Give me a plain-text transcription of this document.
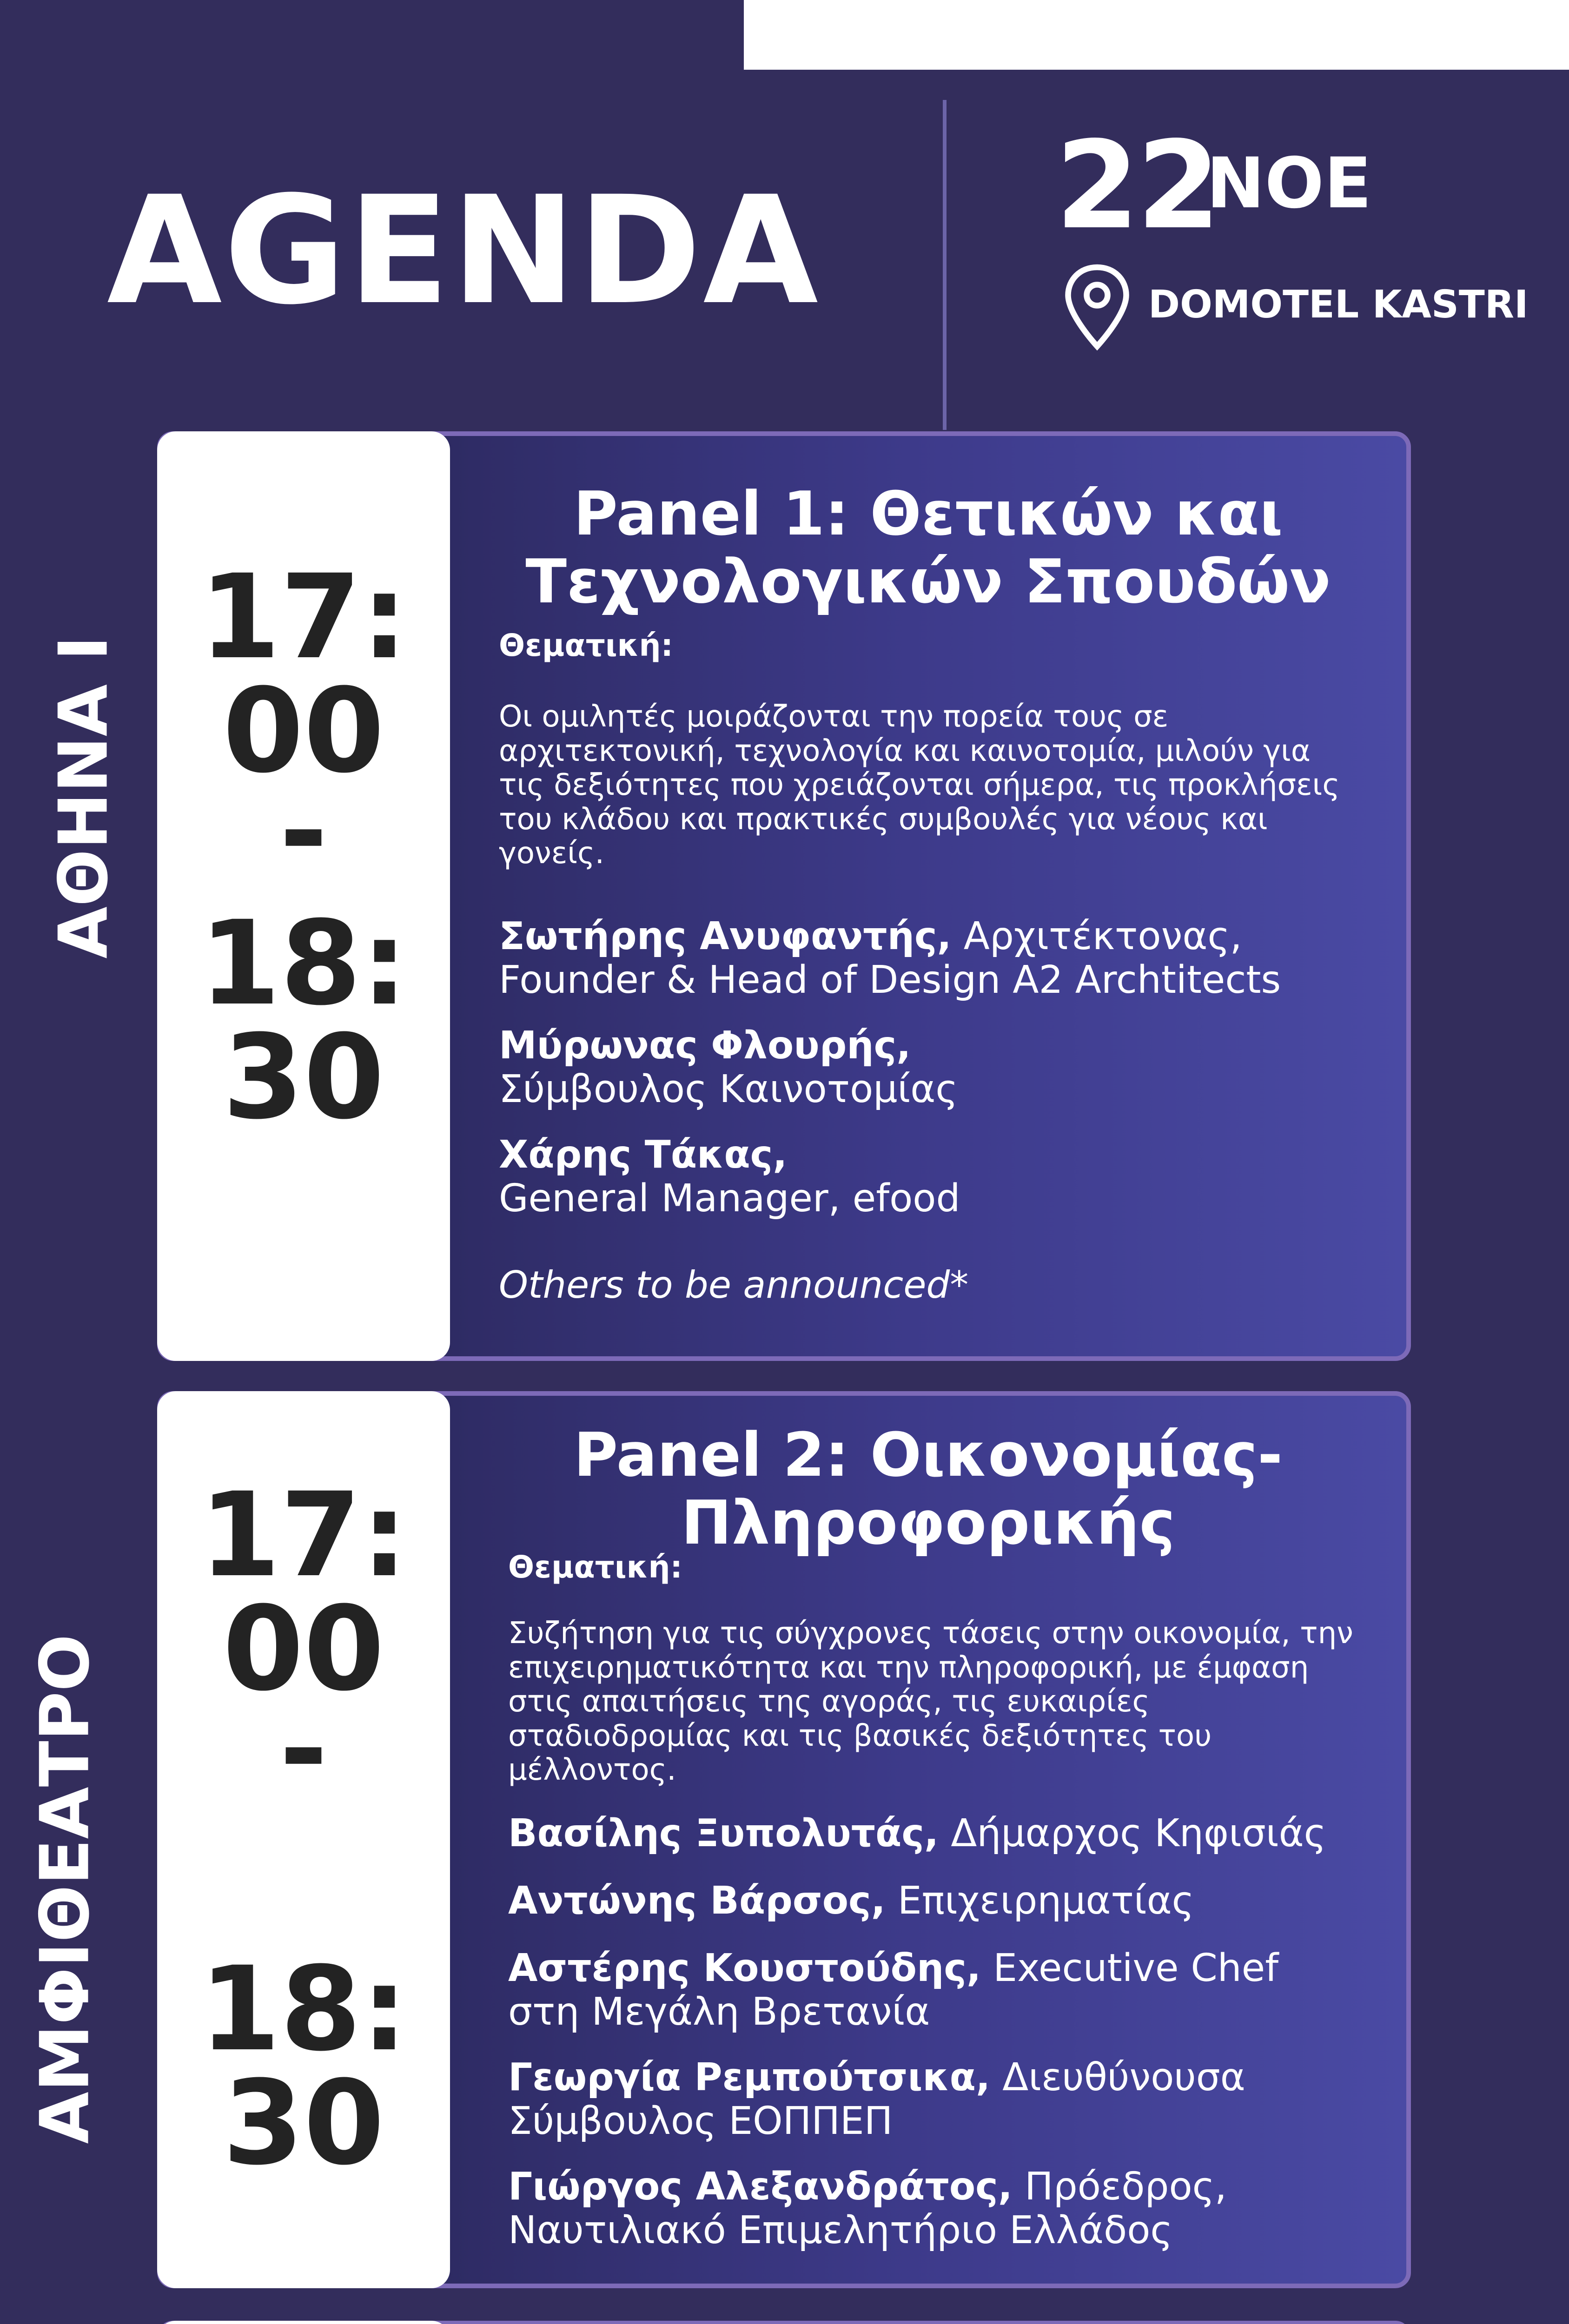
AGENDA 22
ΝΟΕ
DOMOTEL KASTRI
ΑΘΗΝΑ Ι
17:
00
-
18:
30
Panel 1: Θετικών και
Τεχνολογικών Σπουδών
Θεματική:
Οι ομιλητές μοιράζονται την πορεία τους σε
αρχιτεκτονική, τεχνολογία και καινοτομία, μιλούν για
τις δεξιότητες που χρειάζονται σήμερα, τις προκλήσεις
του κλάδου και πρακτικές συμβουλές για νέους και
γονείς.
Σωτήρης Ανυφαντής, Αρχιτέκτονας,
Founder & Head of Design A2 Archtitects
Μύρωνας Φλουρής,
Σύμβουλος Καινοτομίας
Χάρης Τάκας,
General Manager, efood
Others to be announced*
ΑΜΦΙΘΕΑΤΡΟ
17:
00
-
18:
30
Panel 2: Οικονομίας-
Πληροφορικής
Θεματική:
Συζήτηση για τις σύγχρονες τάσεις στην οικονομία, την
επιχειρηματικότητα και την πληροφορική, με έμφαση
στις απαιτήσεις της αγοράς, τις ευκαιρίες
σταδιοδρομίας και τις βασικές δεξιότητες του
μέλλοντος.
Βασίλης Ξυπολυτάς, Δήμαρχος Κηφισιάς
Αντώνης Βάρσος, Επιχειρηματίας
Αστέρης Κουστούδης, Executive Chef
στη Μεγάλη Βρετανία
Γεωργία Ρεμπούτσικα, Διευθύνουσα
Σύμβουλος ΕΟΠΠΕΠ
Γιώργος Αλεξανδράτος, Πρόεδρος,
Ναυτιλιακό Επιμελητήριο Ελλάδος
